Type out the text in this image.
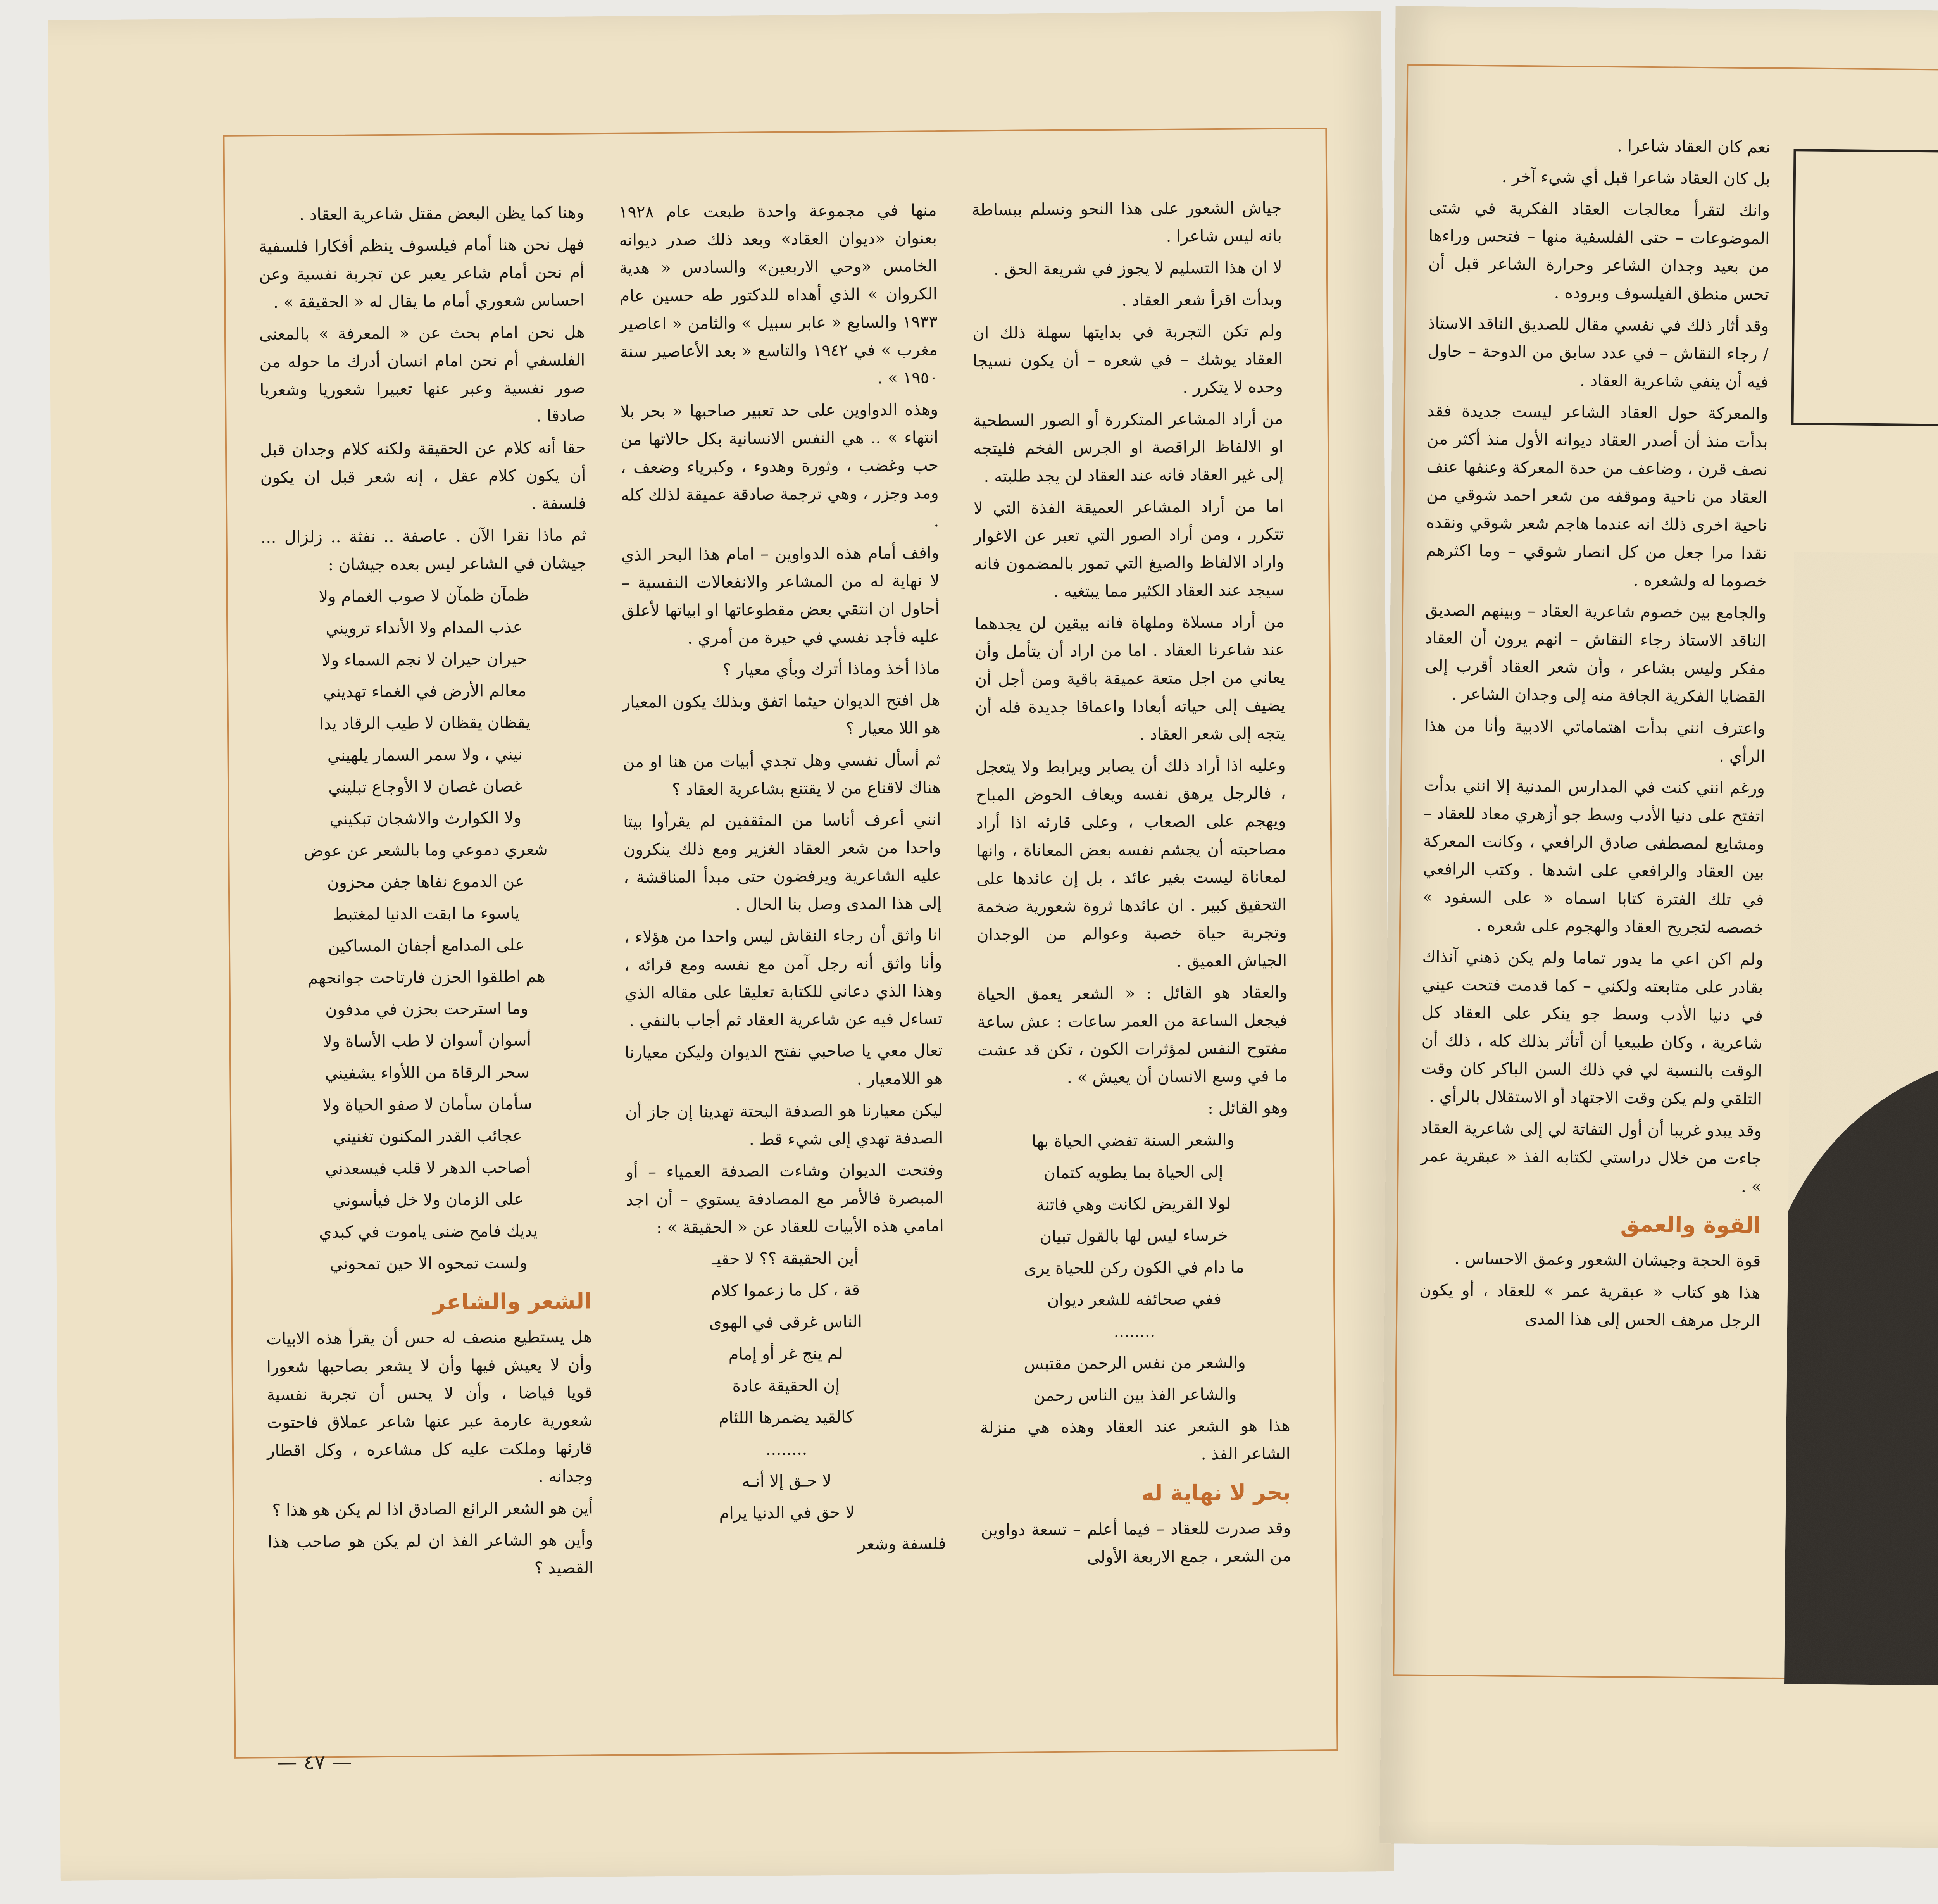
جياش الشعور على هذا النحو ونسلم ببساطة بانه ليس شاعرا .

لا ان هذا التسليم لا يجوز في شريعة الحق .

وبدأت اقرأ شعر العقاد .

ولم تكن التجربة في بدايتها سهلة ذلك ان العقاد يوشك – في شعره – أن يكون نسيجا وحده لا يتكرر .

من أراد المشاعر المتكررة أو الصور السطحية او الالفاظ الراقصة او الجرس الفخم فليتجه إلى غير العقاد فانه عند العقاد لن يجد طلبته .

اما من أراد المشاعر العميقة الفذة التي لا تتكرر ، ومن أراد الصور التي تعبر عن الاغوار واراد الالفاظ والصيغ التي تمور بالمضمون فانه سيجد عند العقاد الكثير مما يبتغيه .

من أراد مسلاة وملهاة فانه بيقين لن يجدهما عند شاعرنا العقاد . اما من اراد أن يتأمل وأن يعاني من اجل متعة عميقة باقية ومن أجل أن يضيف إلى حياته أبعادا واعماقا جديدة فله أن يتجه إلى شعر العقاد .

وعليه اذا أراد ذلك أن يصابر ويرابط ولا يتعجل ، فالرجل يرهق نفسه ويعاف الحوض المباح ويهجم على الصعاب ، وعلى قارئه اذا أراد مصاحبته أن يجشم نفسه بعض المعاناة ، وانها لمعاناة ليست بغير عائد ، بل إن عائدها على التحقيق كبير . ان عائدها ثروة شعورية ضخمة وتجربة حياة خصبة وعوالم من الوجدان الجياش العميق .

والعقاد هو القائل : « الشعر يعمق الحياة فيجعل الساعة من العمر ساعات : عش ساعة مفتوح النفس لمؤثرات الكون ، تكن قد عشت ما في وسع الانسان أن يعيش » .

وهو القائل :

والشعر السنة تفضي الحياة بها

إلى الحياة بما يطويه كتمان

لولا القريض لكانت وهي فاتنة

خرساء ليس لها بالقول تبيان

ما دام في الكون ركن للحياة يرى

ففي صحائفه للشعر ديوان

........

والشعر من نفس الرحمن مقتبس

والشاعر الفذ بين الناس رحمن

هذا هو الشعر عند العقاد وهذه هي منزلة الشاعر الفذ .

بحر لا نهاية له

وقد صدرت للعقاد – فيما أعلم – تسعة دواوين من الشعر ، جمع الاربعة الأولى

منها في مجموعة واحدة طبعت عام ١٩٢٨ بعنوان «ديوان العقاد» وبعد ذلك صدر ديوانه الخامس «وحي الاربعين» والسادس « هدية الكروان » الذي أهداه للدكتور طه حسين عام ١٩٣٣ والسابع « عابر سبيل » والثامن « اعاصير مغرب » في ١٩٤٢ والتاسع « بعد الأعاصير سنة ١٩٥٠ » .

وهذه الدواوين على حد تعبير صاحبها « بحر بلا انتهاء » .. هي النفس الانسانية بكل حالاتها من حب وغضب ، وثورة وهدوء ، وكبرياء وضعف ، ومد وجزر ، وهي ترجمة صادقة عميقة لذلك كله .

وافف أمام هذه الدواوين – امام هذا البحر الذي لا نهاية له من المشاعر والانفعالات النفسية – أحاول ان انتقي بعض مقطوعاتها او ابياتها لأعلق عليه فأجد نفسي في حيرة من أمري .

ماذا أخذ وماذا أترك وبأي معيار ؟

هل افتح الديوان حيثما اتفق وبذلك يكون المعيار هو اللا معيار ؟

ثم أسأل نفسي وهل تجدي أبيات من هنا او من هناك لاقناع من لا يقتنع بشاعرية العقاد ؟

انني أعرف أناسا من المثقفين لم يقرأوا بيتا واحدا من شعر العقاد الغزير ومع ذلك ينكرون عليه الشاعرية ويرفضون حتى مبدأ المناقشة ، إلى هذا المدى وصل بنا الحال .

انا واثق أن رجاء النقاش ليس واحدا من هؤلاء ، وأنا واثق أنه رجل آمن مع نفسه ومع قرائه ، وهذا الذي دعاني للكتابة تعليقا على مقاله الذي تساءل فيه عن شاعرية العقاد ثم أجاب بالنفي .

تعال معي يا صاحبي نفتح الديوان وليكن معيارنا هو اللامعيار .

ليكن معيارنا هو الصدفة البحتة تهدينا إن جاز أن الصدفة تهدي إلى شيء قط .

وفتحت الديوان وشاءت الصدفة العمياء – أو المبصرة فالأمر مع المصادفة يستوي – أن اجد امامي هذه الأبيات للعقاد عن « الحقيقة » :

أين الحقيقة ؟؟ لا حقيـ

قة ، كل ما زعموا كلام

الناس غرقى في الهوى

لم ينج غر أو إمام

إن الحقيقة عادة

كالقيد يضمرها اللئام

........

لا حـق إلا أنـه

لا حق في الدنيا يرام

فلسفة وشعر

وهنا كما يظن البعض مقتل شاعرية العقاد .

فهل نحن هنا أمام فيلسوف ينظم أفكارا فلسفية أم نحن أمام شاعر يعبر عن تجربة نفسية وعن احساس شعوري أمام ما يقال له « الحقيقة » .

هل نحن امام بحث عن « المعرفة » بالمعنى الفلسفي أم نحن امام انسان أدرك ما حوله من صور نفسية وعبر عنها تعبيرا شعوريا وشعريا صادقا .

حقا أنه كلام عن الحقيقة ولكنه كلام وجدان قبل أن يكون كلام عقل ، إنه شعر قبل ان يكون فلسفة .

ثم ماذا نقرا الآن . عاصفة .. نفثة .. زلزال ... جيشان في الشاعر ليس بعده جيشان :

ظمآن ظمآن لا صوب الغمام ولا

عذب المدام ولا الأنداء ترويني

حيران حيران لا نجم السماء ولا

معالم الأرض في الغماء تهديني

يقظان يقظان لا طيب الرقاد يدا

نيني ، ولا سمر السمار يلهيني

غصان غصان لا الأوجاع تبليني

ولا الكوارث والاشجان تبكيني

شعري دموعي وما بالشعر عن عوض

عن الدموع نفاها جفن محزون

ياسوء ما ابقت الدنيا لمغتبط

على المدامع أجفان المساكين

هم اطلقوا الحزن فارتاحت جوانحهم

وما استرحت بحزن في مدفون

أسوان أسوان لا طب الأساة ولا

سحر الرقاة من اللأواء يشفيني

سأمان سأمان لا صفو الحياة ولا

عجائب القدر المكنون تغنيني

أصاحب الدهر لا قلب فيسعدني

على الزمان ولا خل فيأسوني

يديك فامح ضنى ياموت في كبدي

ولست تمحوه الا حين تمحوني

الشعر والشاعر

هل يستطيع منصف له حس أن يقرأ هذه الابيات وأن لا يعيش فيها وأن لا يشعر بصاحبها شعورا قويا فياضا ، وأن لا يحس أن تجربة نفسية شعورية عارمة عبر عنها شاعر عملاق فاحتوت قارئها وملكت عليه كل مشاعره ، وكل اقطار وجدانه .

أين هو الشعر الرائع الصادق اذا لم يكن هو هذا ؟

وأين هو الشاعر الفذ ان لم يكن هو صاحب هذا القصيد ؟

— ٤٧ —

نعم كان العقاد شاعرا .

بل كان العقاد شاعرا قبل أي شيء آخر .

وانك لتقرأ معالجات العقاد الفكرية في شتى الموضوعات – حتى الفلسفية منها – فتحس وراءها من بعيد وجدان الشاعر وحرارة الشاعر قبل أن تحس منطق الفيلسوف وبروده .

وقد أثار ذلك في نفسي مقال للصديق الناقد الاستاذ / رجاء النقاش – في عدد سابق من الدوحة – حاول فيه أن ينفي شاعرية العقاد .

والمعركة حول العقاد الشاعر ليست جديدة فقد بدأت منذ أن أصدر العقاد ديوانه الأول منذ أكثر من نصف قرن ، وضاعف من حدة المعركة وعنفها عنف العقاد من ناحية وموقفه من شعر احمد شوقي من ناحية اخرى ذلك انه عندما هاجم شعر شوقي ونقده نقدا مرا جعل من كل انصار شوقي – وما اكثرهم خصوما له ولشعره .

والجامع بين خصوم شاعرية العقاد – وبينهم الصديق الناقد الاستاذ رجاء النقاش – انهم يرون أن العقاد مفكر وليس بشاعر ، وأن شعر العقاد أقرب إلى القضايا الفكرية الجافة منه إلى وجدان الشاعر .

واعترف انني بدأت اهتماماتي الادبية وأنا من هذا الرأي .

ورغم انني كنت في المدارس المدنية إلا انني بدأت اتفتح على دنيا الأدب وسط جو أزهري معاد للعقاد – ومشايع لمصطفى صادق الرافعي ، وكانت المعركة بين العقاد والرافعي على اشدها . وكتب الرافعي في تلك الفترة كتابا اسماه « على السفود » خصصه لتجريح العقاد والهجوم على شعره .

ولم اكن اعي ما يدور تماما ولم يكن ذهني آنذاك بقادر على متابعته ولكني – كما قدمت فتحت عيني في دنيا الأدب وسط جو ينكر على العقاد كل شاعرية ، وكان طبيعيا أن أتأثر بذلك كله ، ذلك أن الوقت بالنسبة لي في ذلك السن الباكر كان وقت التلقي ولم يكن وقت الاجتهاد أو الاستقلال بالرأي .

وقد يبدو غريبا أن أول التفاتة لي إلى شاعرية العقاد جاءت من خلال دراستي لكتابه الفذ « عبقرية عمر » .

القوة والعمق

قوة الحجة وجيشان الشعور وعمق الاحساس .

هذا هو كتاب « عبقرية عمر » للعقاد ، أو يكون الرجل مرهف الحس إلى هذا المدى
